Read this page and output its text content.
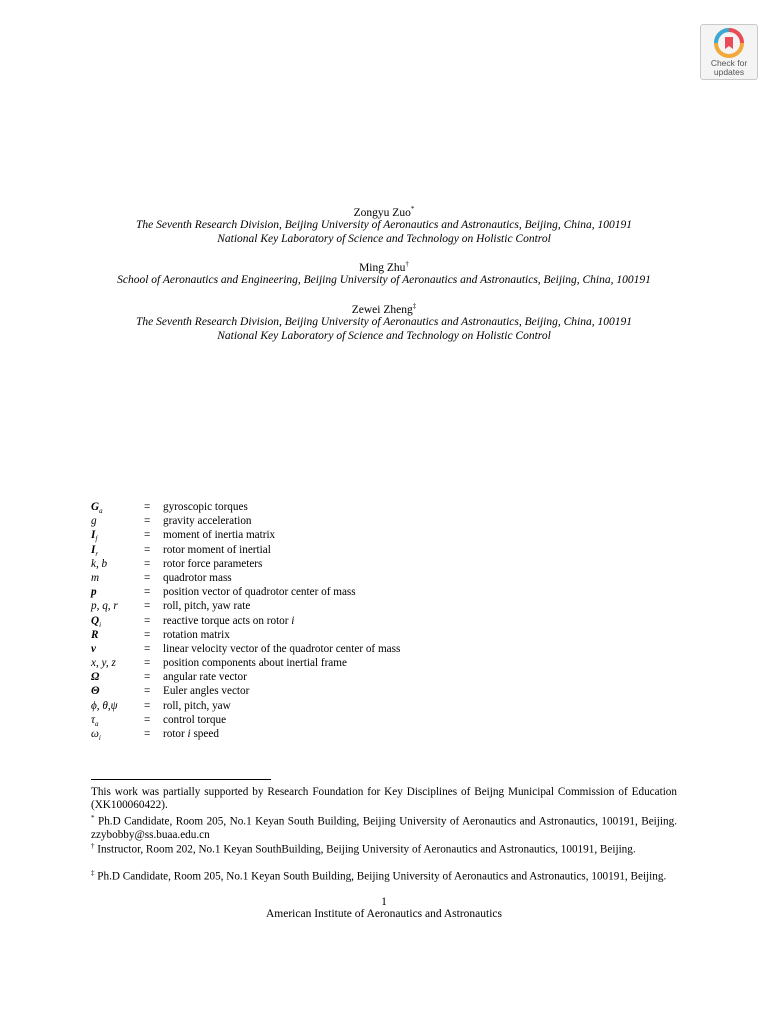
Check for
updates
Zongyu Zuo*
The Seventh Research Division, Beijing University of Aeronautics and Astronautics, Beijing, China, 100191
National Key Laboratory of Science and Technology on Holistic Control
Ming Zhu†
School of Aeronautics and Engineering, Beijing University of Aeronautics and Astronautics, Beijing, China, 100191
Zewei Zheng‡
The Seventh Research Division, Beijing University of Aeronautics and Astronautics, Beijing, China, 100191
National Key Laboratory of Science and Technology on Holistic Control
$G_a$	= gyroscopic torques
g	= gravity acceleration
$I_f$	= moment of inertia matrix
$I_r$	= rotor moment of inertial
k, b	= rotor force parameters
m	= quadrotor mass
p	= position vector of quadrotor center of mass
p, q, r	= roll, pitch, yaw rate
$Q_i$	= reactive torque acts on rotor i
R	= rotation matrix
v	= linear velocity vector of the quadrotor center of mass
x, y, z	= position components about inertial frame
Ω	= angular rate vector
Θ	= Euler angles vector
ϕ, θ,ψ	= roll, pitch, yaw
$\tau_a$	= control torque
$\omega_i$	= rotor i speed
This work was partially supported by Research Foundation for Key Disciplines of Beijng Municipal Commission of Education (XK100060422).
* Ph.D Candidate, Room 205, No.1 Keyan South Building, Beijing University of Aeronautics and Astronautics, 100191, Beijing. zzybobby@ss.buaa.edu.cn
† Instructor, Room 202, No.1 Keyan SouthBuilding, Beijing University of Aeronautics and Astronautics, 100191, Beijing.
‡ Ph.D Candidate, Room 205, No.1 Keyan South Building, Beijing University of Aeronautics and Astronautics, 100191, Beijing.
1
American Institute of Aeronautics and Astronautics
